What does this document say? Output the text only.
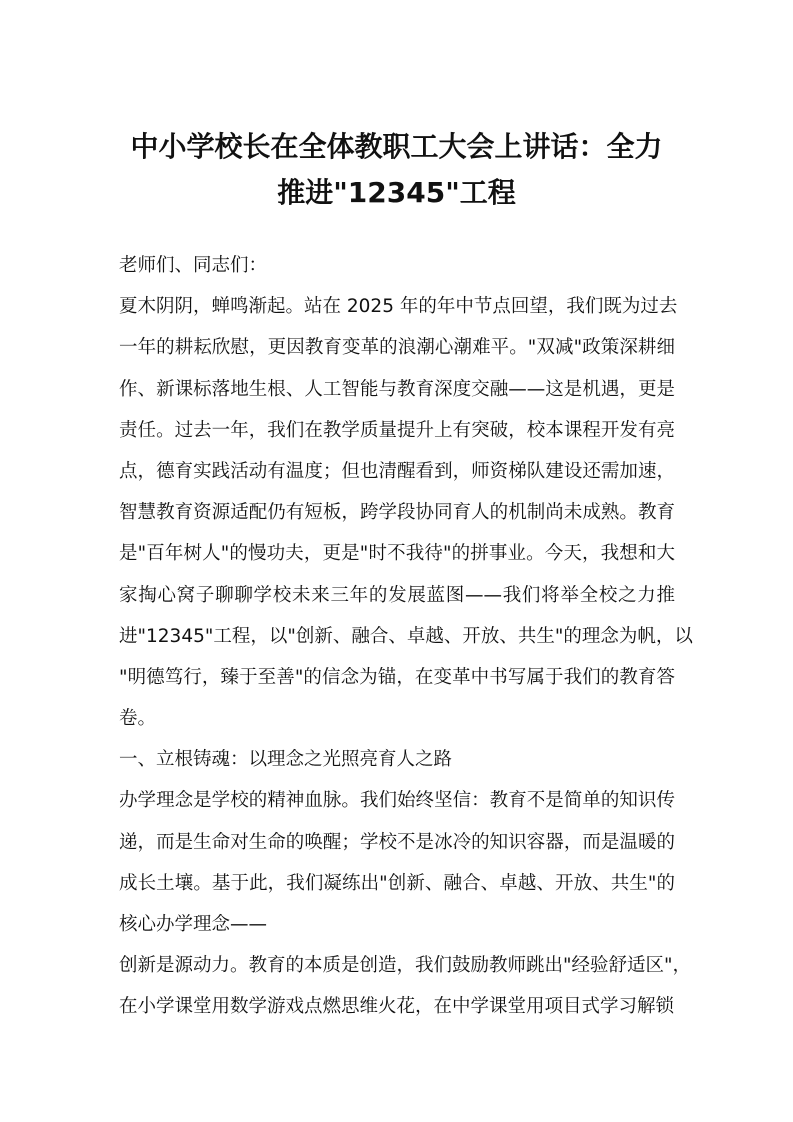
中小学校长在全体教职工大会上讲话：全力
推进"12345"工程
老师们、同志们：
夏木阴阴，蝉鸣渐起。站在 2025 年的年中节点回望，我们既为过去
一年的耕耘欣慰，更因教育变革的浪潮心潮难平。"双减"政策深耕细
作、新课标落地生根、人工智能与教育深度交融——这是机遇，更是
责任。过去一年，我们在教学质量提升上有突破，校本课程开发有亮
点，德育实践活动有温度；但也清醒看到，师资梯队建设还需加速，
智慧教育资源适配仍有短板，跨学段协同育人的机制尚未成熟。教育
是"百年树人"的慢功夫，更是"时不我待"的拼事业。今天，我想和大
家掏心窝子聊聊学校未来三年的发展蓝图——我们将举全校之力推
进"12345"工程，以"创新、融合、卓越、开放、共生"的理念为帆，以
"明德笃行，臻于至善"的信念为锚，在变革中书写属于我们的教育答
卷。
一、立根铸魂：以理念之光照亮育人之路
办学理念是学校的精神血脉。我们始终坚信：教育不是简单的知识传
递，而是生命对生命的唤醒；学校不是冰冷的知识容器，而是温暖的
成长土壤。基于此，我们凝练出"创新、融合、卓越、开放、共生"的
核心办学理念——
创新是源动力。教育的本质是创造，我们鼓励教师跳出"经验舒适区"，
在小学课堂用数学游戏点燃思维火花，在中学课堂用项目式学习解锁
